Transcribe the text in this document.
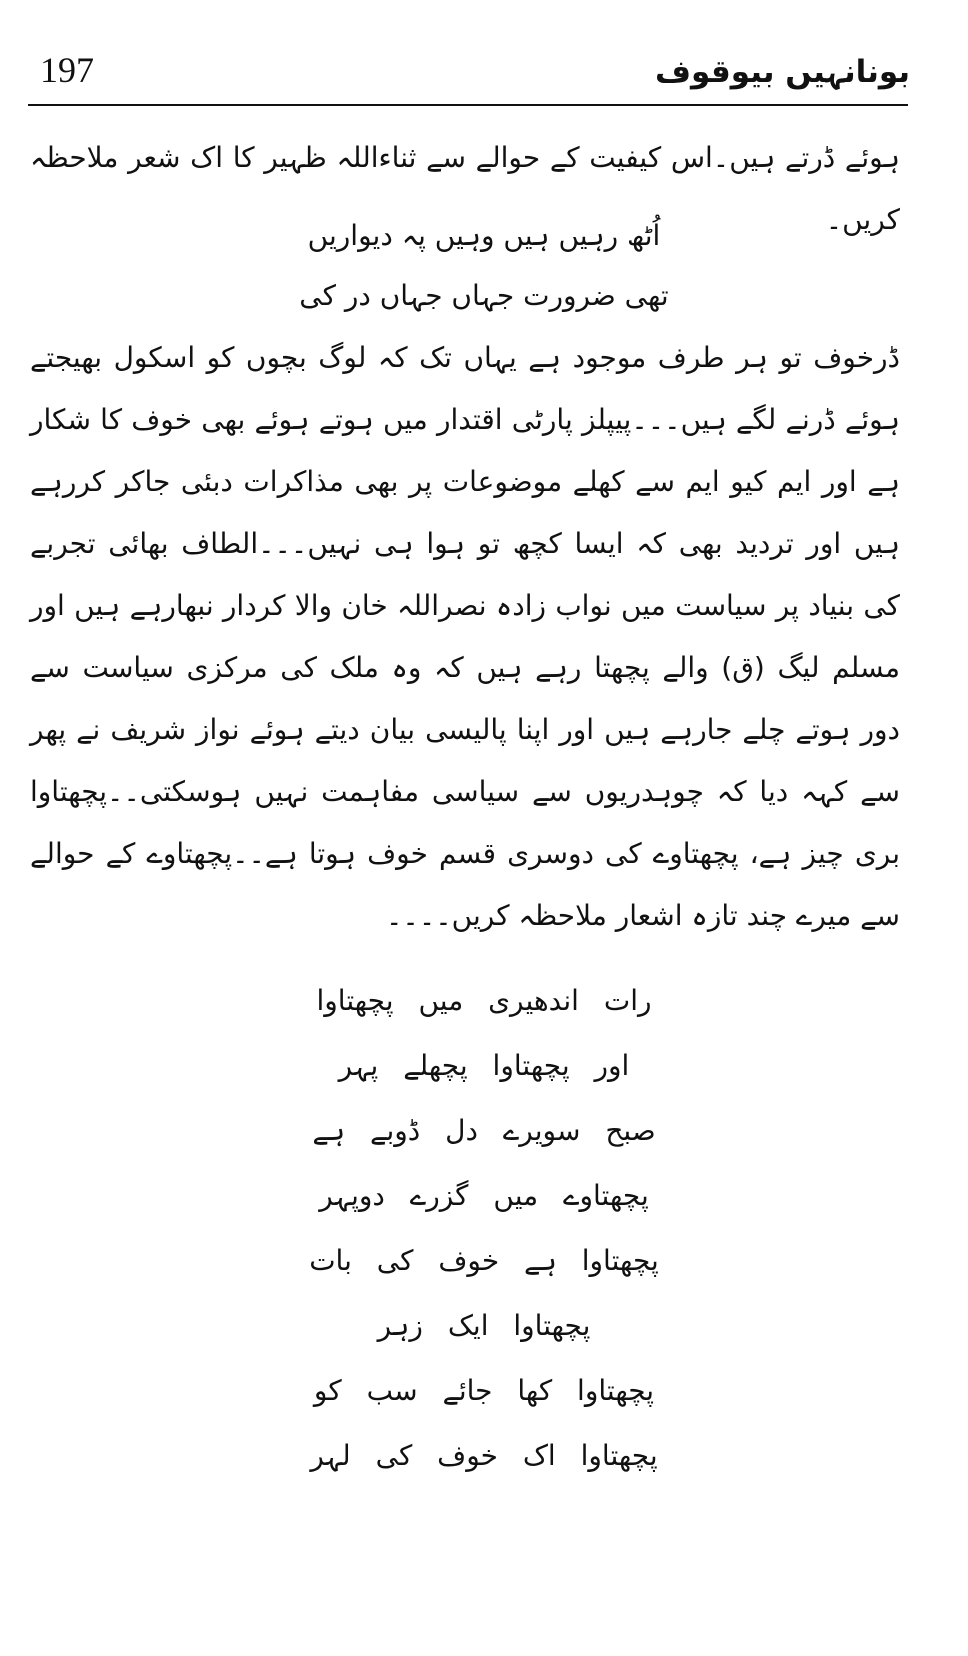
197	بونانہیں بیوقوف

ہوئے ڈرتے ہیں۔اس کیفیت کے حوالے سے ثناءاللہ ظہیر کا اک شعر ملاحظہ کریں۔

اُٹھ رہیں ہیں وہیں پہ دیواریں

تھی ضرورت جہاں جہاں در کی

ڈرخوف تو ہر طرف موجود ہے یہاں تک کہ لوگ بچوں کو اسکول بھیجتے ہوئے ڈرنے لگے ہیں۔۔۔پیپلز پارٹی اقتدار میں ہوتے ہوئے بھی خوف کا شکار ہے اور ایم کیو ایم سے کھلے موضوعات پر بھی مذاکرات دبئی جاکر کررہے ہیں اور تردید بھی کہ ایسا کچھ تو ہوا ہی نہیں۔۔۔الطاف بھائی تجربے کی بنیاد پر سیاست میں نواب زادہ نصراللہ خان والا کردار نبھارہے ہیں اور مسلم لیگ (ق) والے پچھتا رہے ہیں کہ وہ ملک کی مرکزی سیاست سے دور ہوتے چلے جارہے ہیں اور اپنا پالیسی بیان دیتے ہوئے نواز شریف نے پھر سے کہہ دیا کہ چوہدریوں سے سیاسی مفاہمت نہیں ہوسکتی۔۔پچھتاوا بری چیز ہے، پچھتاوے کی دوسری قسم خوف ہوتا ہے۔۔پچھتاوے کے حوالے سے میرے چند تازہ اشعار ملاحظہ کریں۔۔۔۔

رات اندھیری میں پچھتاوا

اور پچھتاوا پچھلے پہر

صبح سویرے دل ڈوبے ہے

پچھتاوے میں گزرے دوپہر

پچھتاوا ہے خوف کی بات

پچھتاوا ایک زہر

پچھتاوا کھا جائے سب کو

پچھتاوا اک خوف کی لہر
